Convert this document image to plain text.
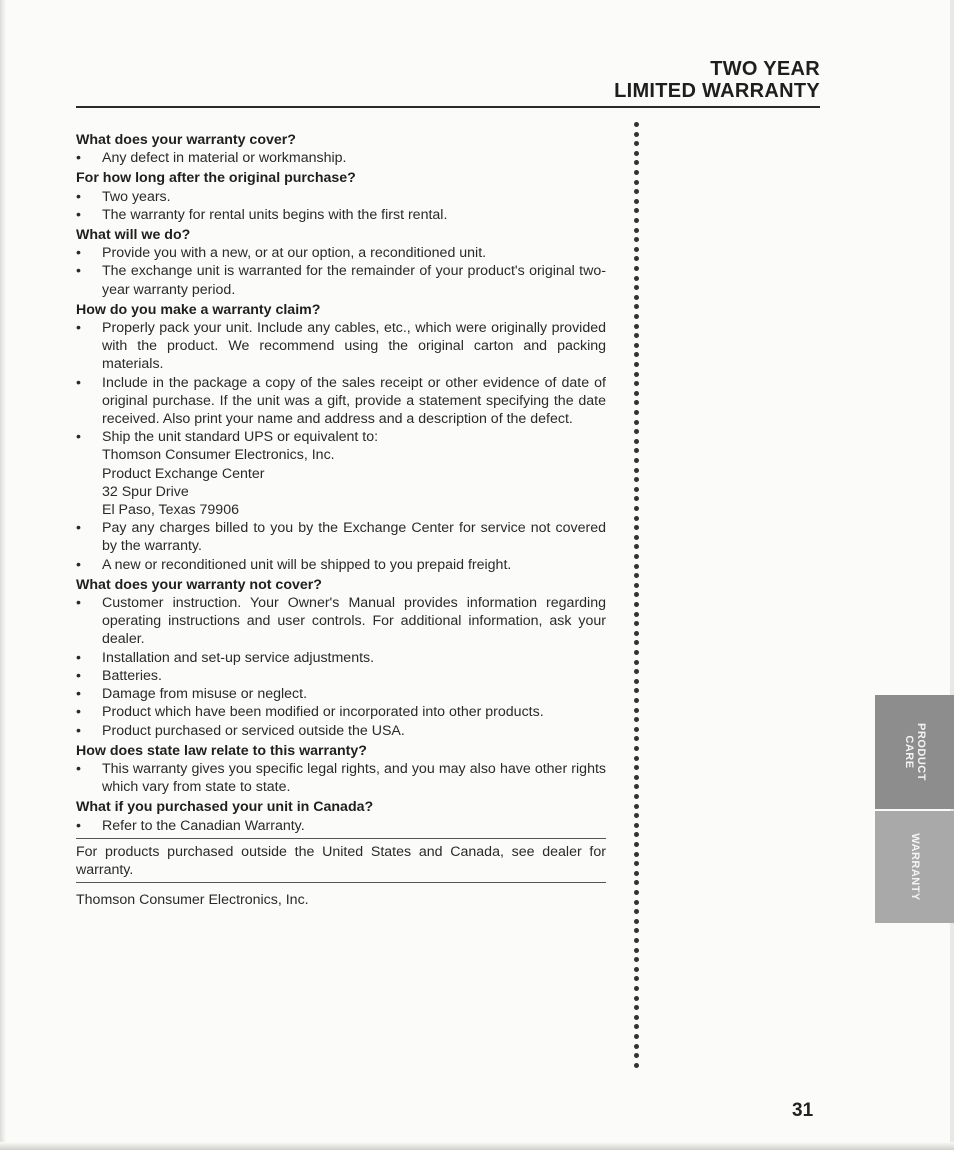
TWO YEAR
LIMITED WARRANTY

What does your warranty cover?

• Any defect in material or workmanship.

For how long after the original purchase?

• Two years.
• The warranty for rental units begins with the first rental.

What will we do?

• Provide you with a new, or at our option, a reconditioned unit.
• The exchange unit is warranted for the remainder of your product's original two-year warranty period.

How do you make a warranty claim?

• Properly pack your unit. Include any cables, etc., which were originally provided with the product. We recommend using the original carton and packing materials.
• Include in the package a copy of the sales receipt or other evidence of date of original purchase. If the unit was a gift, provide a statement specifying the date received. Also print your name and address and a description of the defect.
• Ship the unit standard UPS or equivalent to:
Thomson Consumer Electronics, Inc.
Product Exchange Center
32 Spur Drive
El Paso, Texas 79906
• Pay any charges billed to you by the Exchange Center for service not covered by the warranty.
• A new or reconditioned unit will be shipped to you prepaid freight.

What does your warranty not cover?

• Customer instruction. Your Owner's Manual provides information regarding operating instructions and user controls. For additional information, ask your dealer.
• Installation and set-up service adjustments.
• Batteries.
• Damage from misuse or neglect.
• Product which have been modified or incorporated into other products.
• Product purchased or serviced outside the USA.

How does state law relate to this warranty?

• This warranty gives you specific legal rights, and you may also have other rights which vary from state to state.

What if you purchased your unit in Canada?

• Refer to the Canadian Warranty.

For products purchased outside the United States and Canada, see dealer for warranty.

Thomson Consumer Electronics, Inc.

PRODUCT
CARE
WARRANTY
31
